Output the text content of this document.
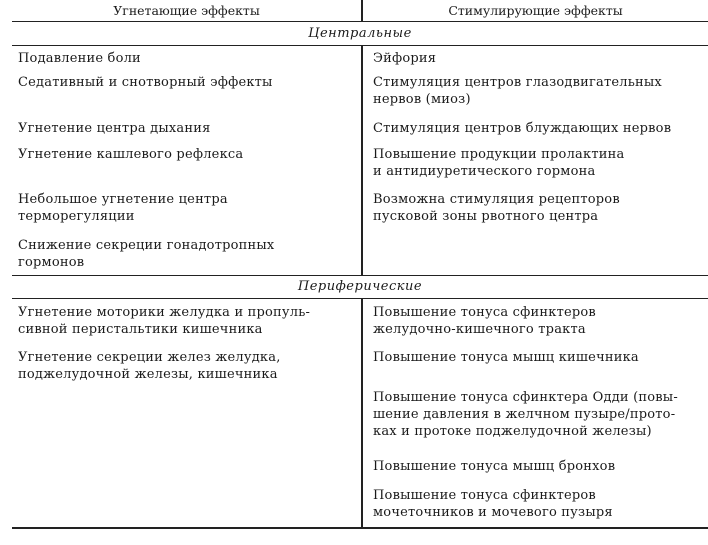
Угнетающие эффекты	Стимулирующие эффекты
Центральные
Подавление боли
Седативный и снотворный эффекты
Угнетение центра дыхания
Угнетение кашлевого рефлекса
Небольшое угнетение центра
терморегуляции
Снижение секреции гонадотропных
гормонов
Эйфория
Стимуляция центров глазодвигательных
нервов (миоз)
Стимуляция центров блуждающих нервов
Повышение продукции пролактина
и антидиуретического гормона
Возможна стимуляция рецепторов
пусковой зоны рвотного центра
Периферические
Угнетение моторики желудка и пропуль-
сивной перистальтики кишечника
Угнетение секреции желез желудка,
поджелудочной железы, кишечника
Повышение тонуса сфинктеров
желудочно-кишечного тракта
Повышение тонуса мышц кишечника
Повышение тонуса сфинктера Одди (повы-
шение давления в желчном пузыре/прото-
ках и протоке поджелудочной железы)
Повышение тонуса мышц бронхов
Повышение тонуса сфинктеров
мочеточников и мочевого пузыря
